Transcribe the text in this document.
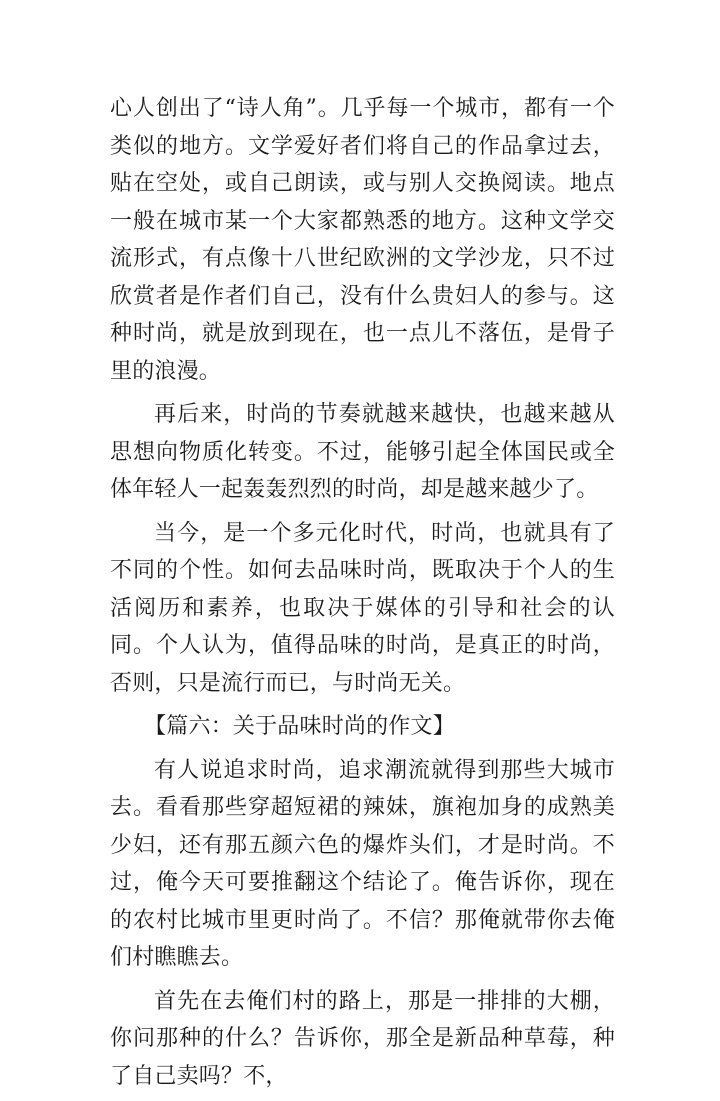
心人创出了“诗人角”。几乎每一个城市，都有一个类似的地方。文学爱好者们将自己的作品拿过去，贴在空处，或自己朗读，或与别人交换阅读。地点一般在城市某一个大家都熟悉的地方。这种文学交流形式，有点像十八世纪欧洲的文学沙龙，只不过欣赏者是作者们自己，没有什么贵妇人的参与。这种时尚，就是放到现在，也一点儿不落伍，是骨子里的浪漫。

再后来，时尚的节奏就越来越快，也越来越从思想向物质化转变。不过，能够引起全体国民或全体年轻人一起轰轰烈烈的时尚，却是越来越少了。

当今，是一个多元化时代，时尚，也就具有了不同的个性。如何去品味时尚，既取决于个人的生活阅历和素养，也取决于媒体的引导和社会的认同。个人认为，值得品味的时尚，是真正的时尚，否则，只是流行而已，与时尚无关。

【篇六：关于品味时尚的作文】

有人说追求时尚，追求潮流就得到那些大城市去。看看那些穿超短裙的辣妹，旗袍加身的成熟美少妇，还有那五颜六色的爆炸头们，才是时尚。不过，俺今天可要推翻这个结论了。俺告诉你，现在的农村比城市里更时尚了。不信？那俺就带你去俺们村瞧瞧去。

首先在去俺们村的路上，那是一排排的大棚，你问那种的什么？告诉你，那全是新品种草莓，种了自己卖吗？不，
